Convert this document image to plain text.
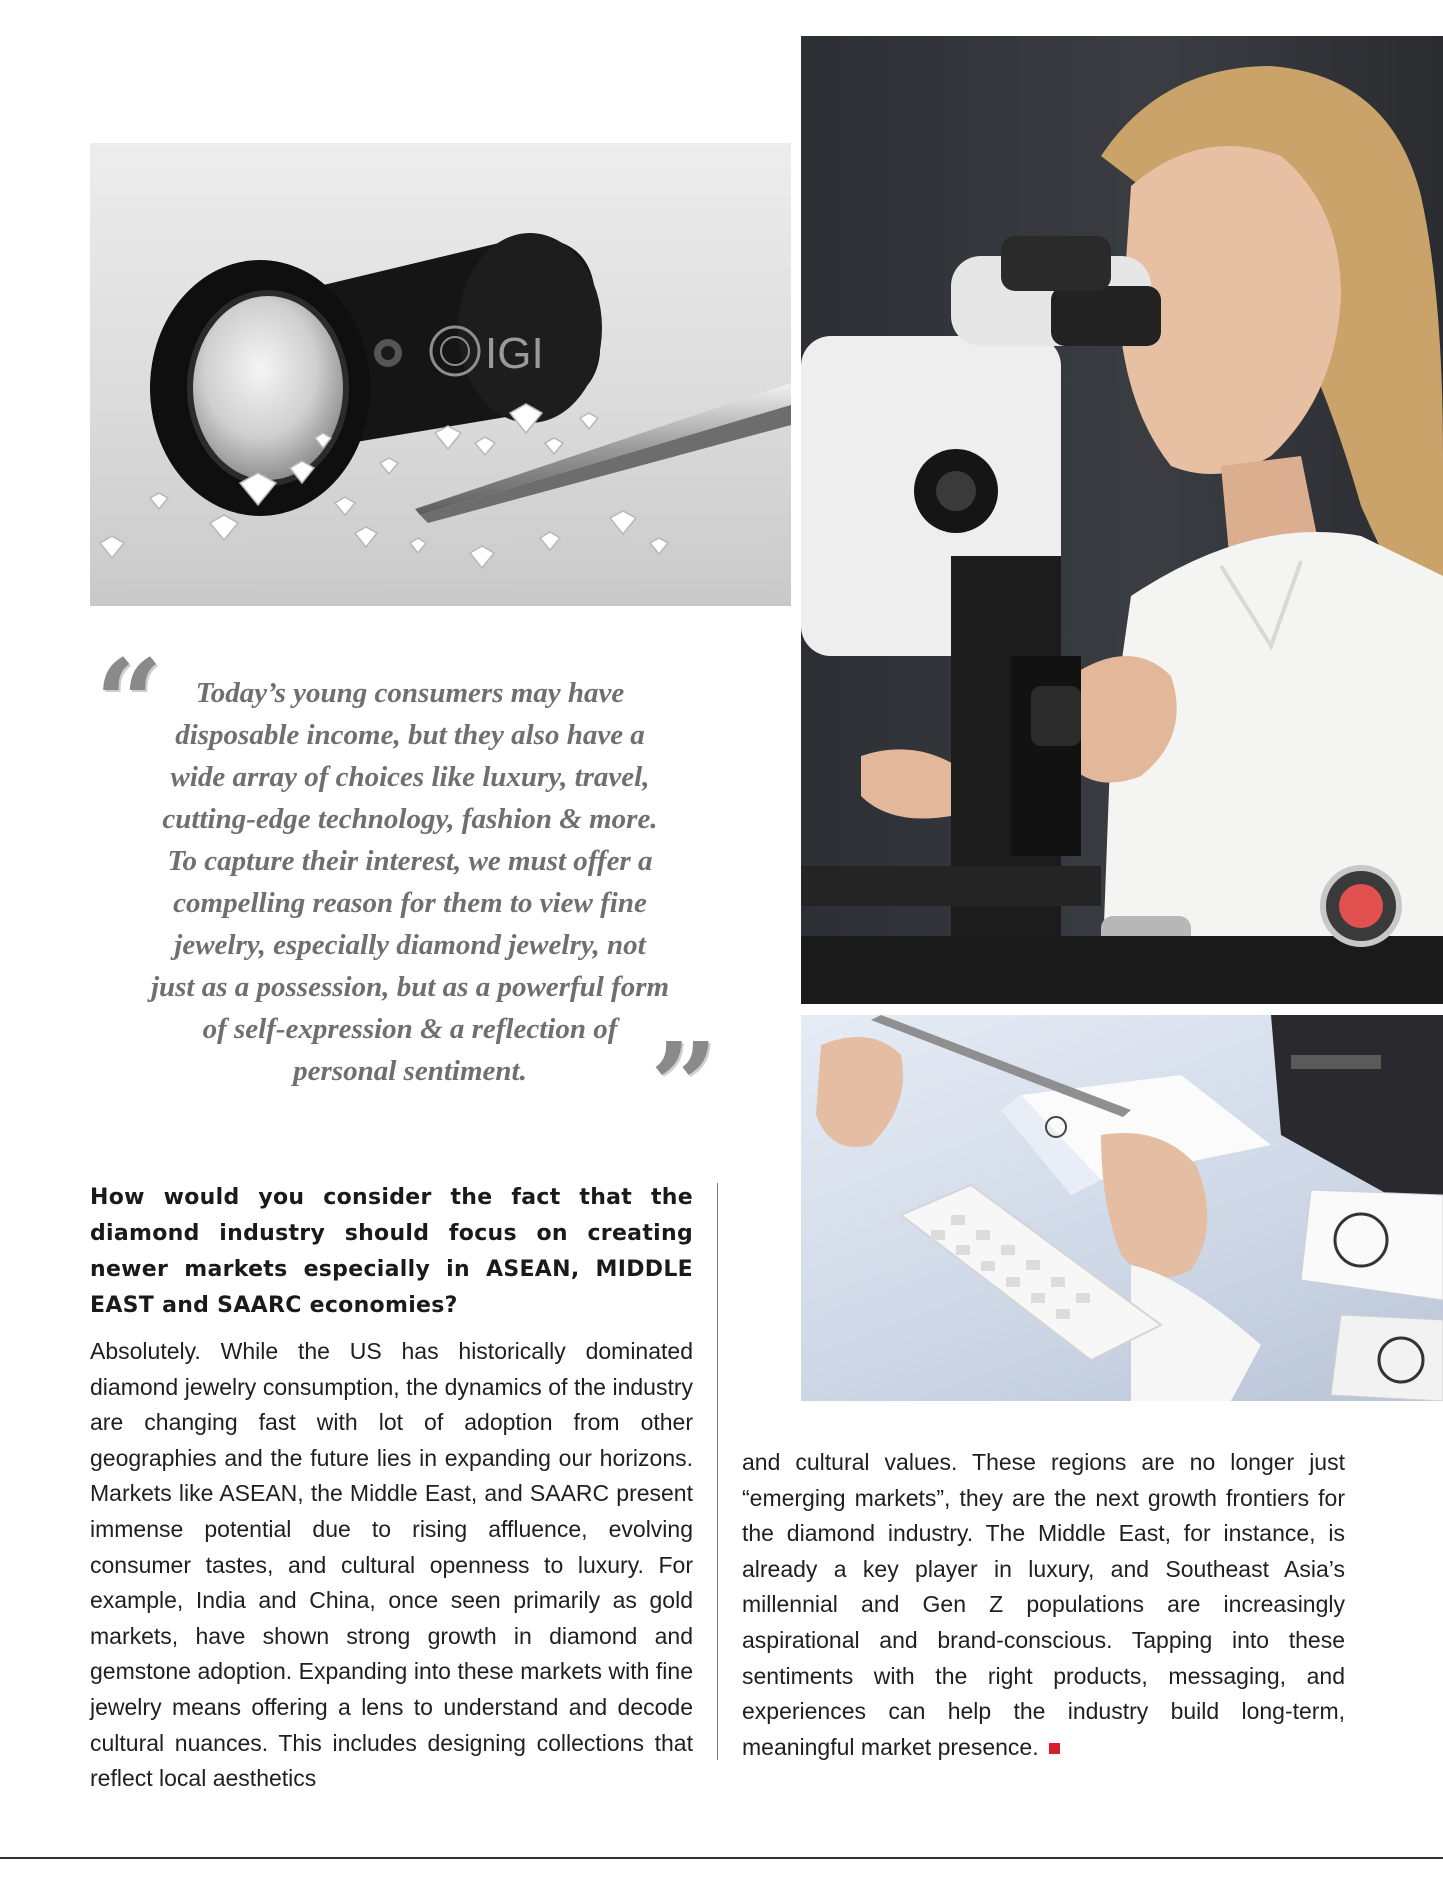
IGI
“	Today’s young consumers may have disposable income, but they also have a wide array of choices like luxury, travel, cutting-edge technology, fashion & more. To capture their interest, we must offer a compelling reason for them to view fine jewelry, especially diamond jewelry, not just as a possession, but as a powerful form of self-expression & a reflection of personal sentiment.	”

How would you consider the fact that the diamond industry should focus on creating newer markets especially in ASEAN, MIDDLE EAST and SAARC economies?

Absolutely. While the US has historically dominated diamond jewelry consumption, the dynamics of the industry are changing fast with lot of adoption from other geographies and the future lies in expanding our horizons. Markets like ASEAN, the Middle East, and SAARC present immense potential due to rising affluence, evolving consumer tastes, and cultural openness to luxury. For example, India and China, once seen primarily as gold markets, have shown strong growth in diamond and gemstone adoption. Expanding into these markets with fine jewelry means offering a lens to understand and decode cultural nuances. This includes designing collections that reflect local aesthetics

and cultural values. These regions are no longer just “emerging markets”, they are the next growth frontiers for the diamond industry. The Middle East, for instance, is already a key player in luxury, and Southeast Asia’s millennial and Gen Z populations are increasingly aspirational and brand-conscious. Tapping into these sentiments with the right products, messaging, and experiences can help the industry build long-term, meaningful market presence.
